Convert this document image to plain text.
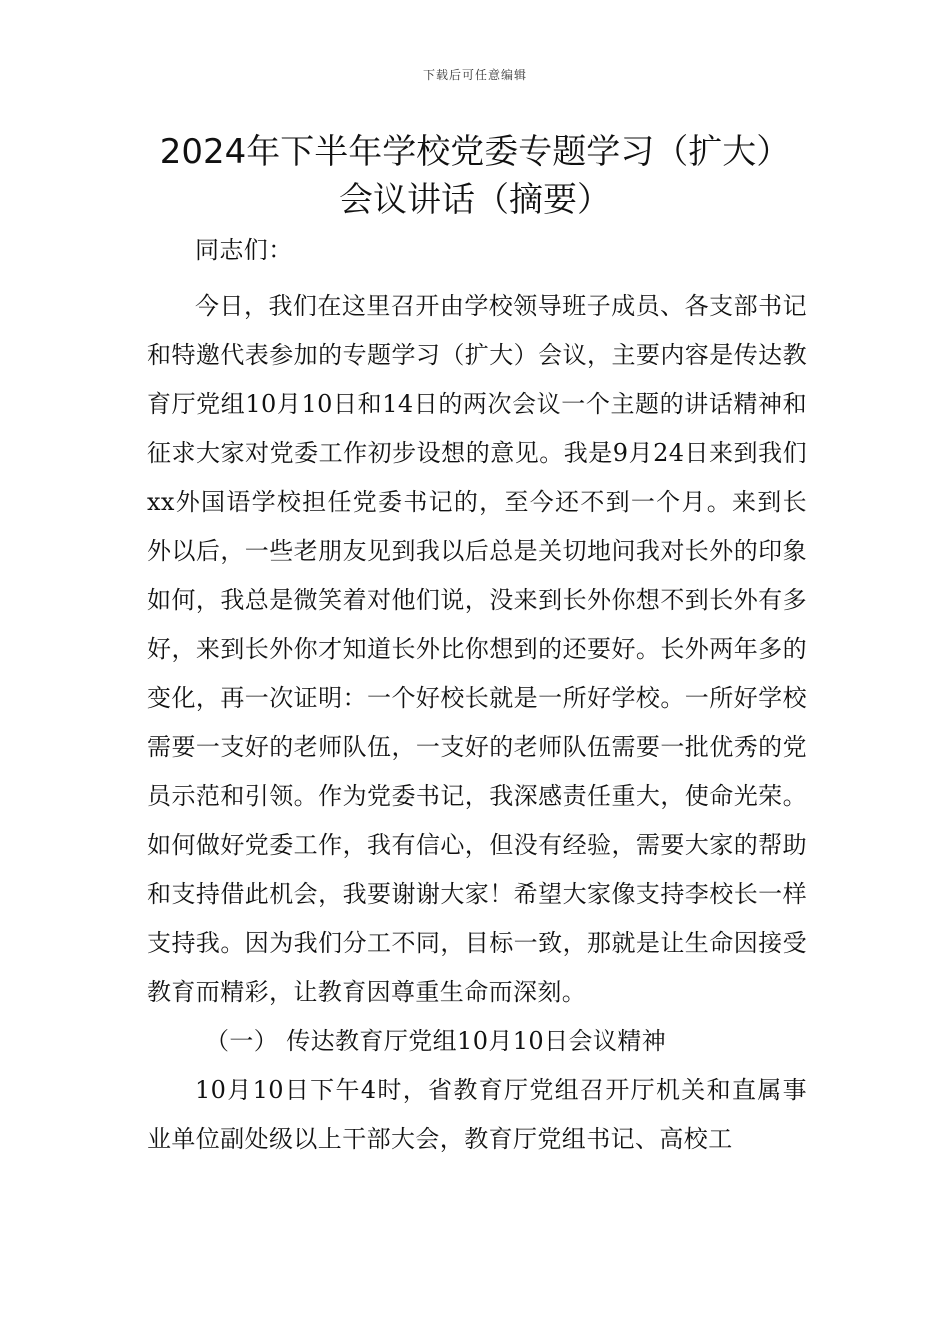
下载后可任意编辑
2024年下半年学校党委专题学习（扩大）
会议讲话（摘要）

同志们：

今日，我们在这里召开由学校领导班子成员、各支部书记和特邀代表参加的专题学习（扩大）会议，主要内容是传达教育厅党组10月10日和14日的两次会议一个主题的讲话精神和征求大家对党委工作初步设想的意见。我是9月24日来到我们xx外国语学校担任党委书记的，至今还不到一个月。来到长外以后，一些老朋友见到我以后总是关切地问我对长外的印象如何，我总是微笑着对他们说，没来到长外你想不到长外有多好，来到长外你才知道长外比你想到的还要好。长外两年多的变化，再一次证明：一个好校长就是一所好学校。一所好学校需要一支好的老师队伍，一支好的老师队伍需要一批优秀的党员示范和引领。作为党委书记，我深感责任重大，使命光荣。如何做好党委工作，我有信心，但没有经验，需要大家的帮助和支持借此机会，我要谢谢大家！希望大家像支持李校长一样支持我。因为我们分工不同，目标一致，那就是让生命因接受教育而精彩，让教育因尊重生命而深刻。

（一） 传达教育厅党组10月10日会议精神

10月10日下午4时，省教育厅党组召开厅机关和直属事业单位副处级以上干部大会，教育厅党组书记、高校工
